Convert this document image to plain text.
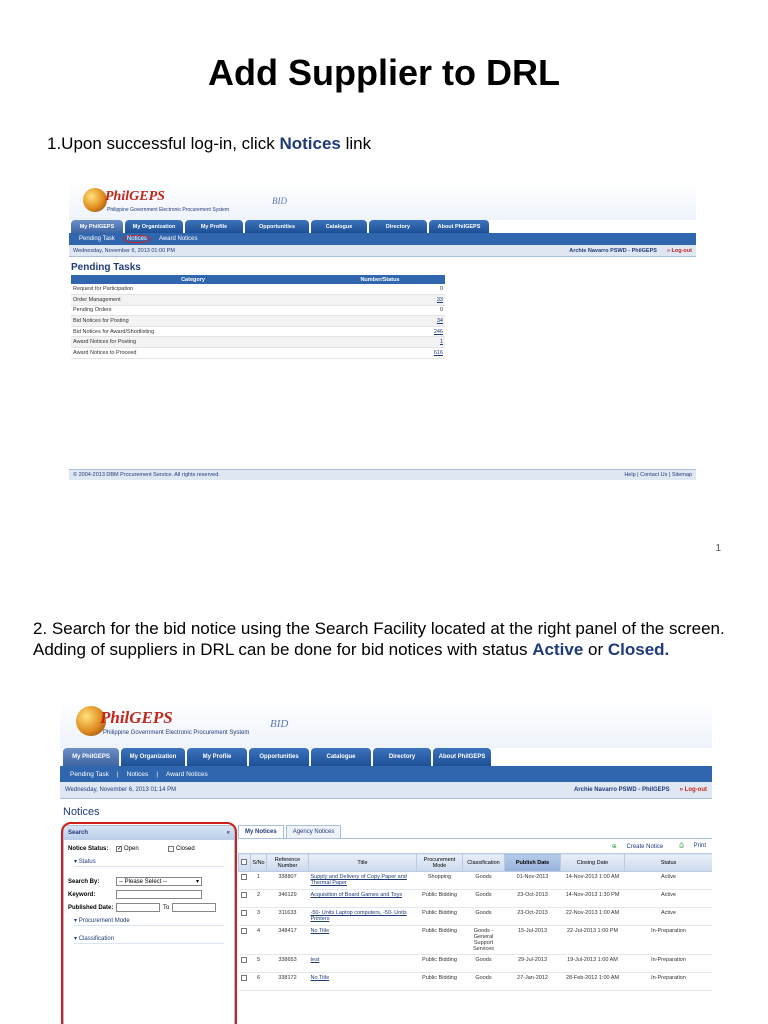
Add Supplier to DRL
1.Upon successful log-in, click Notices link
PhilGEPS
Philippine Government Electronic Procurement System
BID
My PhilGEPS	My Organization	My Profile	Opportunities	Catalogue	Directory	About PhilGEPS
Pending Task	Notices	Award Notices
Wednesday, November 6, 2013 01:00 PM	Archie Navarro PSWD - PhilGEPS » Log-out
Pending Tasks
Category	Number/Status
Request for Participation	0
Order Management	33
Pending Orders	0
Bid Notices for Posting	34
Bid Notices for Award/Shortlisting	246
Award Notices for Posting	1
Award Notices to Proceed	616
© 2004-2013 DBM Procurement Service. All rights reserved.	Help | Contact Us | Sitemap
1
2. Search for the bid notice using the Search Facility located at the right panel of the screen. Adding of suppliers in DRL can be done for bid notices with status Active or Closed.
PhilGEPS
Philippine Government Electronic Procurement System
BID
My PhilGEPS	My Organization	My Profile	Opportunities	Catalogue	Directory	About PhilGEPS
Pending Task | Notices | Award Notices
Wednesday, November 6, 2013 01:14 PM	Archie Navarro PSWD - PhilGEPS » Log-out
Notices
Search	«
Notice Status:	✓ Open	Closed
▾ Status
Search By:	-- Please Select --	▾
Keyword:
Published Date:	To
▾ Procurement Mode
▾ Classification
My Notices	Agency Notices
⊕ Create Notice	⎙ Print
	S/No	Reference Number	Title	Procurement Mode	Classification	Publish Date	Closing Date	Status
	1	338807	Supply and Delivery of Copy Paper and Thermal Paper	Shopping	Goods	01-Nov-2013	14-Nov-2013 1:00 AM	Active
	2	346129	Acquisition of Board Games and Toys	Public Bidding	Goods	23-Oct-2013	14-Nov-2013 1:30 PM	Active
	3	311633	-50- Units Laptop computers, -50- Units Printers	Public Bidding	Goods	23-Oct-2013	22-Nov-2013 1:00 AM	Active
	4	348417	No Title	Public Bidding	Goods - General Support Services	15-Jul-2013	22-Jul-2013 1:00 PM	In-Preparation
	5	338653	test	Public Bidding	Goods	29-Jul-2013	19-Jul-2013 1:00 AM	In-Preparation
	6	338172	No Title	Public Bidding	Goods	27-Jan-2012	28-Feb-2012 1:00 AM	In-Preparation
